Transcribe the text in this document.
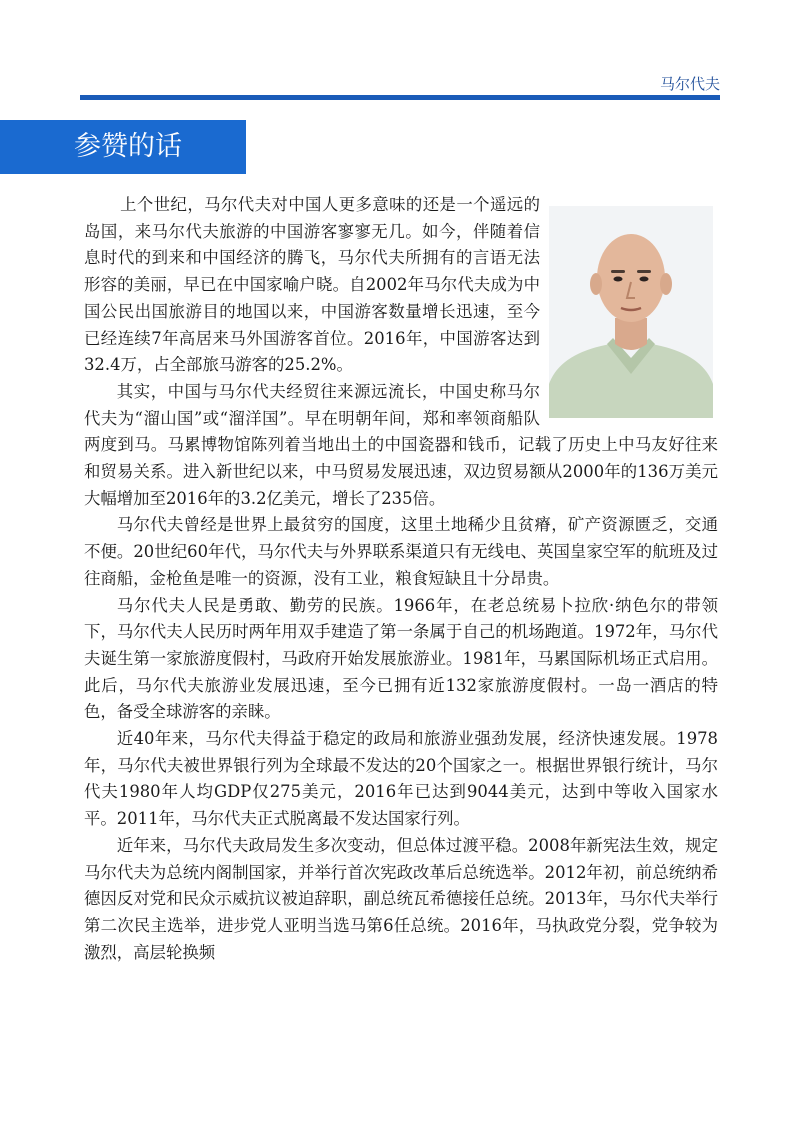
马尔代夫
参赞的话

上个世纪，马尔代夫对中国人更多意味的还是一个遥远的岛国，来马尔代夫旅游的中国游客寥寥无几。如今，伴随着信息时代的到来和中国经济的腾飞，马尔代夫所拥有的言语无法形容的美丽，早已在中国家喻户晓。自2002年马尔代夫成为中国公民出国旅游目的地国以来，中国游客数量增长迅速，至今已经连续7年高居来马外国游客首位。2016年，中国游客达到32.4万，占全部旅马游客的25.2%。

其实，中国与马尔代夫经贸往来源远流长，中国史称马尔代夫为“溜山国”或“溜洋国”。早在明朝年间，郑和率领商船队两度到马。马累博物馆陈列着当地出土的中国瓷器和钱币，记载了历史上中马友好往来和贸易关系。进入新世纪以来，中马贸易发展迅速，双边贸易额从2000年的136万美元大幅增加至2016年的3.2亿美元，增长了235倍。

马尔代夫曾经是世界上最贫穷的国度，这里土地稀少且贫瘠，矿产资源匮乏，交通不便。20世纪60年代，马尔代夫与外界联系渠道只有无线电、英国皇家空军的航班及过往商船，金枪鱼是唯一的资源，没有工业，粮食短缺且十分昂贵。

马尔代夫人民是勇敢、勤劳的民族。1966年，在老总统易卜拉欣·纳色尔的带领下，马尔代夫人民历时两年用双手建造了第一条属于自己的机场跑道。1972年，马尔代夫诞生第一家旅游度假村，马政府开始发展旅游业。1981年，马累国际机场正式启用。此后，马尔代夫旅游业发展迅速，至今已拥有近132家旅游度假村。一岛一酒店的特色，备受全球游客的亲睐。

近40年来，马尔代夫得益于稳定的政局和旅游业强劲发展，经济快速发展。1978年，马尔代夫被世界银行列为全球最不发达的20个国家之一。根据世界银行统计，马尔代夫1980年人均GDP仅275美元，2016年已达到9044美元，达到中等收入国家水平。2011年，马尔代夫正式脱离最不发达国家行列。

近年来，马尔代夫政局发生多次变动，但总体过渡平稳。2008年新宪法生效，规定马尔代夫为总统内阁制国家，并举行首次宪政改革后总统选举。2012年初，前总统纳希德因反对党和民众示威抗议被迫辞职，副总统瓦希德接任总统。2013年，马尔代夫举行第二次民主选举，进步党人亚明当选马第6任总统。2016年，马执政党分裂，党争较为激烈，高层轮换频
